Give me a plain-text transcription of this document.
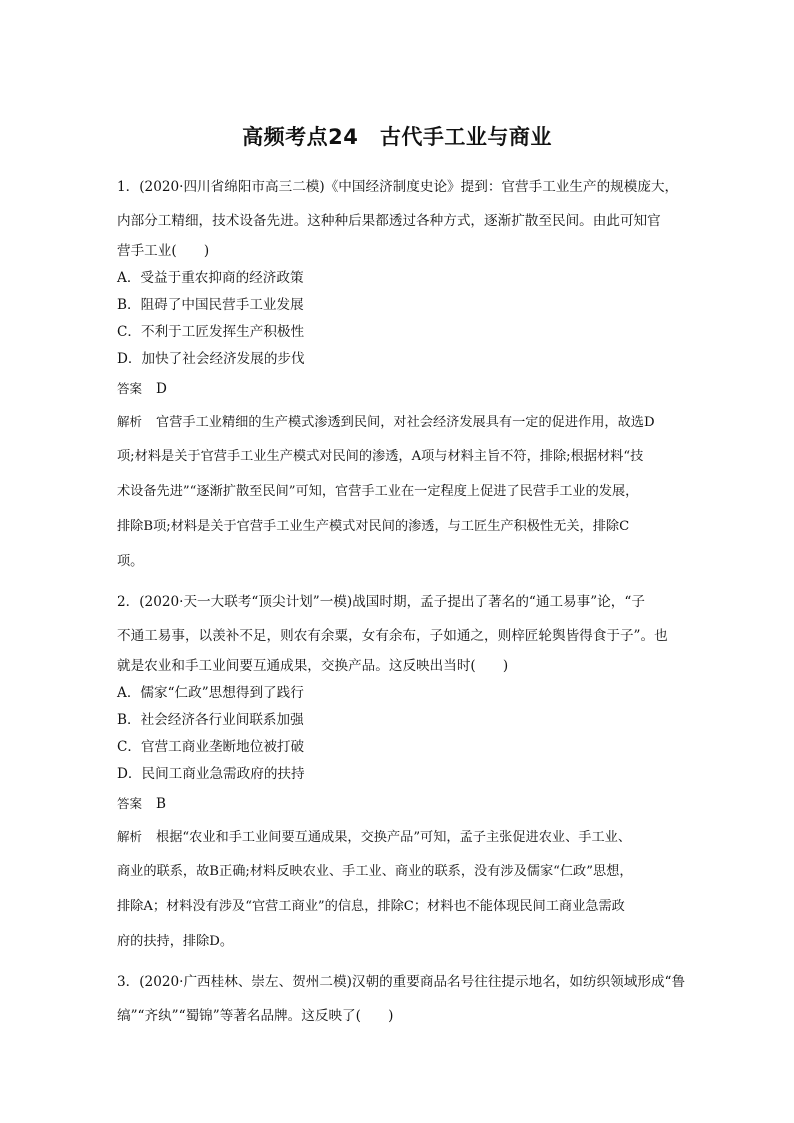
高频考点24　古代手工业与商业
1．(2020·四川省绵阳市高三二模)《中国经济制度史论》提到：官营手工业生产的规模庞大，
内部分工精细，技术设备先进。这种种后果都透过各种方式，逐渐扩散至民间。由此可知官
营手工业(　　)
A．受益于重农抑商的经济政策
B．阻碍了中国民营手工业发展
C．不利于工匠发挥生产积极性
D．加快了社会经济发展的步伐
答案 D
解析 官营手工业精细的生产模式渗透到民间，对社会经济发展具有一定的促进作用，故选D
项;材料是关于官营手工业生产模式对民间的渗透，A项与材料主旨不符，排除;根据材料“技
术设备先进”“逐渐扩散至民间”可知，官营手工业在一定程度上促进了民营手工业的发展，
排除B项;材料是关于官营手工业生产模式对民间的渗透，与工匠生产积极性无关，排除C
项。
2．(2020·天一大联考“顶尖计划”一模)战国时期，孟子提出了著名的“通工易事”论，“子
不通工易事，以羡补不足，则农有余粟，女有余布，子如通之，则梓匠轮舆皆得食于子”。也
就是农业和手工业间要互通成果，交换产品。这反映出当时(　　)
A．儒家“仁政”思想得到了践行
B．社会经济各行业间联系加强
C．官营工商业垄断地位被打破
D．民间工商业急需政府的扶持
答案 B
解析 根据“农业和手工业间要互通成果，交换产品”可知，孟子主张促进农业、手工业、
商业的联系，故B正确;材料反映农业、手工业、商业的联系，没有涉及儒家“仁政”思想，
排除A；材料没有涉及“官营工商业”的信息，排除C；材料也不能体现民间工商业急需政
府的扶持，排除D。
3．(2020·广西桂林、崇左、贺州二模)汉朝的重要商品名号往往提示地名，如纺织领域形成“鲁
缟”“齐纨”“蜀锦”等著名品牌。这反映了(　　)
